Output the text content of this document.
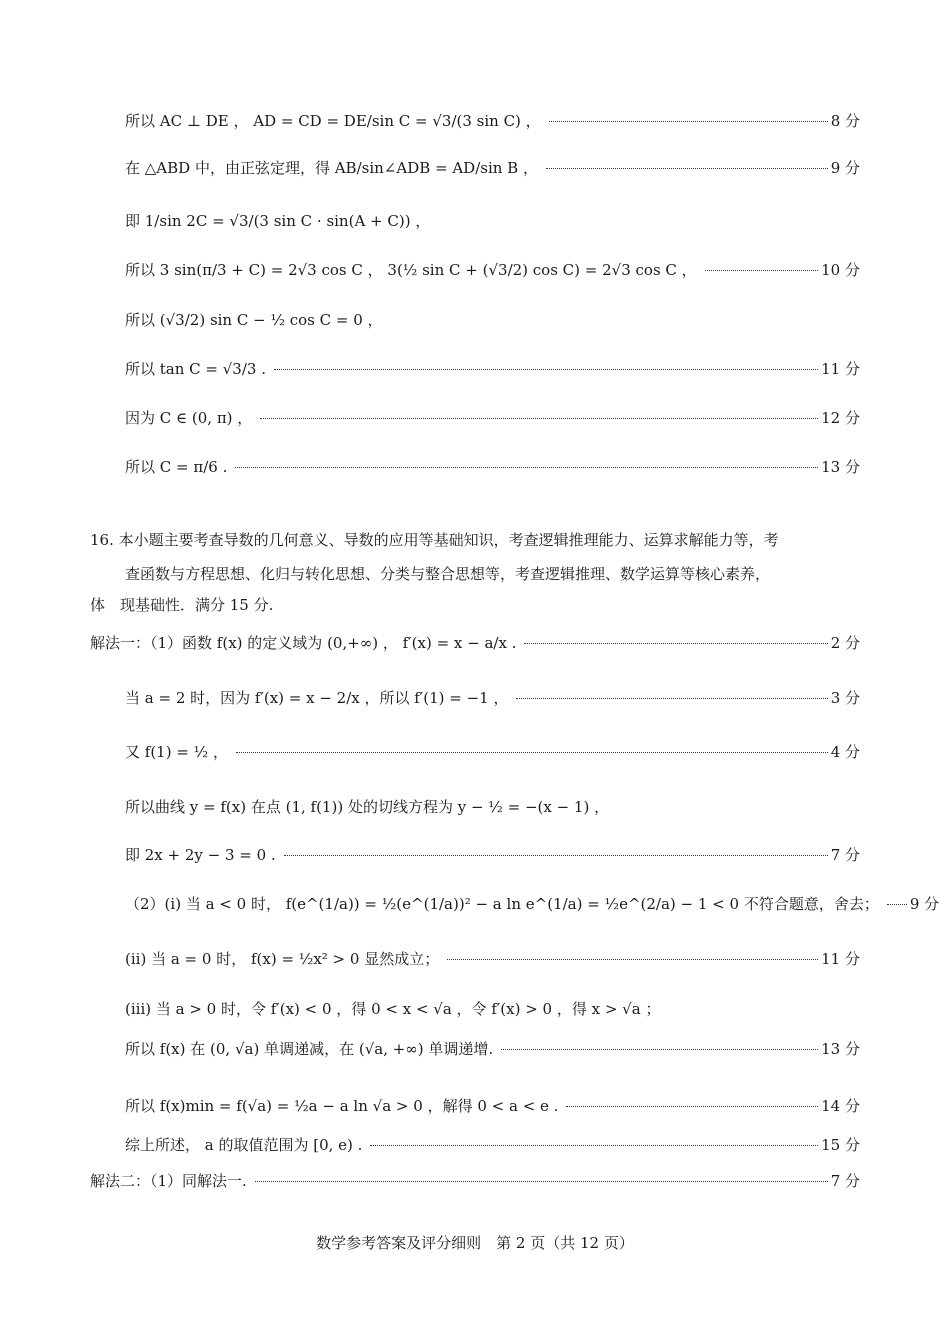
所以 AC ⊥ DE ， AD = CD = DE/sin C = √3/(3 sin C) ，	8 分
在 △ABD 中，由正弦定理，得 AB/sin∠ADB = AD/sin B ，	9 分
即 1/sin 2C = √3/(3 sin C · sin(A + C)) ，
所以 3 sin(π/3 + C) = 2√3 cos C ， 3(½ sin C + (√3/2) cos C) = 2√3 cos C ，	10 分
所以 (√3/2) sin C − ½ cos C = 0 ，
所以 tan C = √3/3 .	11 分
因为 C ∈ (0, π) ，	12 分
所以 C = π/6 .	13 分
16. 本小题主要考查导数的几何意义、导数的应用等基础知识，考查逻辑推理能力、运算求解能力等，考
查函数与方程思想、化归与转化思想、分类与整合思想等，考查逻辑推理、数学运算等核心素养，
体　现基础性．满分 15 分.
解法一：（1）函数 f(x) 的定义域为 (0,+∞) ， f′(x) = x − a/x .	2 分
当 a = 2 时，因为 f′(x) = x − 2/x ，所以 f′(1) = −1 ，	3 分
又 f(1) = ½ ，	4 分
所以曲线 y = f(x) 在点 (1, f(1)) 处的切线方程为 y − ½ = −(x − 1) ，
即 2x + 2y − 3 = 0 .	7 分
（2）(i) 当 a < 0 时， f(e^(1/a)) = ½(e^(1/a))² − a ln e^(1/a) = ½e^(2/a) − 1 < 0 不符合题意，舍去； 9 分
(ii) 当 a = 0 时， f(x) = ½x² > 0 显然成立；	11 分
(iii) 当 a > 0 时，令 f′(x) < 0 ，得 0 < x < √a ，令 f′(x) > 0 ，得 x > √a ；
所以 f(x) 在 (0, √a) 单调递减，在 (√a, +∞) 单调递增.	13 分
所以 f(x)min = f(√a) = ½a − a ln √a > 0 ，解得 0 < a < e .	14 分
综上所述， a 的取值范围为 [0, e) .	15 分
解法二：（1）同解法一.	7 分
数学参考答案及评分细则　第 2 页（共 12 页）
